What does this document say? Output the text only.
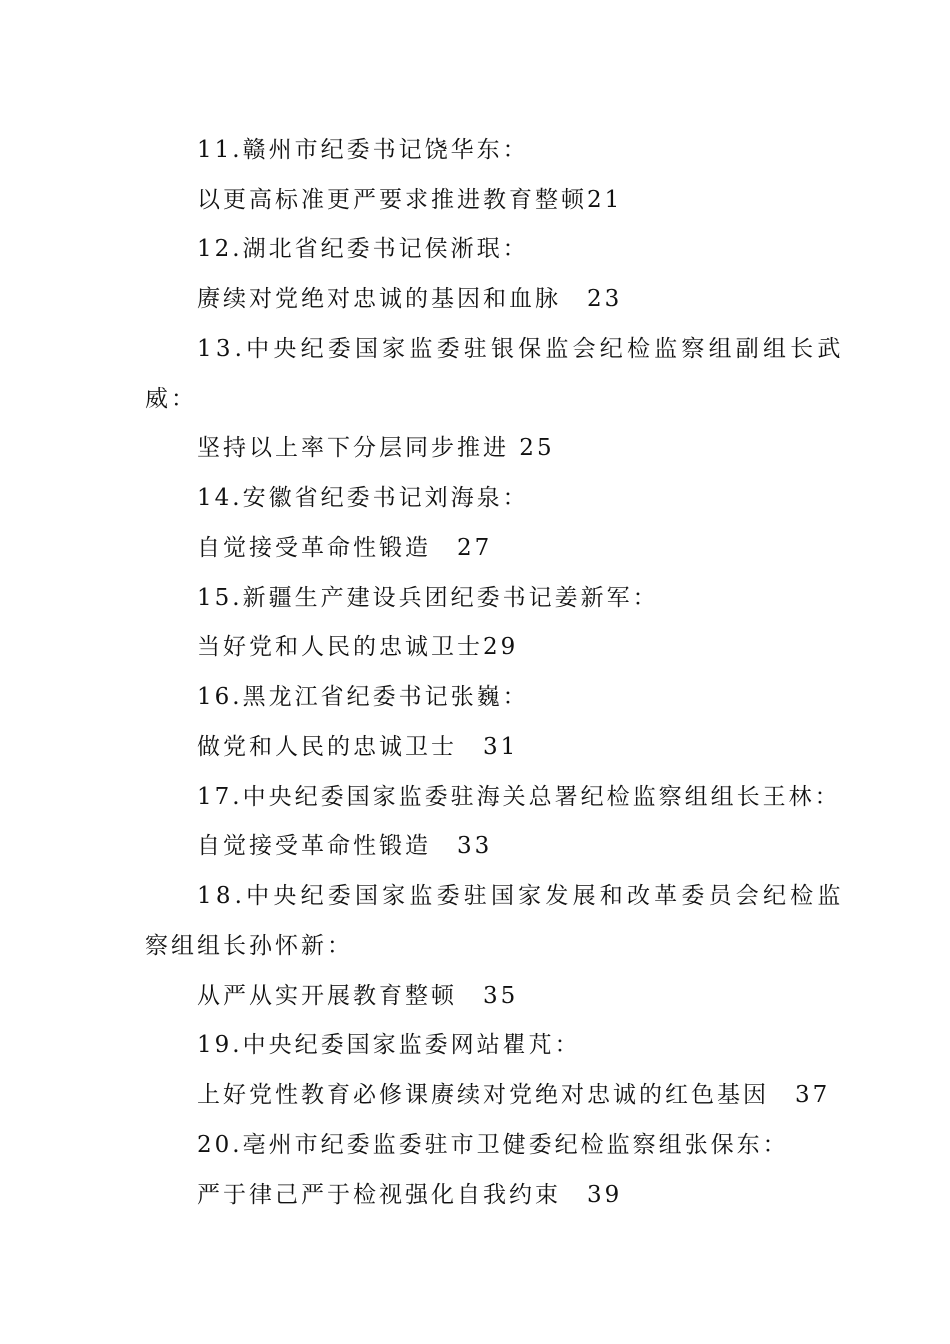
11.赣州市纪委书记饶华东：
以更高标准更严要求推进教育整顿21
12.湖北省纪委书记侯淅珉：
赓续对党绝对忠诚的基因和血脉　23
13.中央纪委国家监委驻银保监会纪检监察组副组长武
威：
坚持以上率下分层同步推进 25
14.安徽省纪委书记刘海泉：
自觉接受革命性锻造　27
15.新疆生产建设兵团纪委书记姜新军：
当好党和人民的忠诚卫士29
16.黑龙江省纪委书记张巍：
做党和人民的忠诚卫士　31
17.中央纪委国家监委驻海关总署纪检监察组组长王林：
自觉接受革命性锻造　33
18.中央纪委国家监委驻国家发展和改革委员会纪检监
察组组长孙怀新：
从严从实开展教育整顿　35
19.中央纪委国家监委网站瞿芃：
上好党性教育必修课赓续对党绝对忠诚的红色基因　37
20.亳州市纪委监委驻市卫健委纪检监察组张保东：
严于律己严于检视强化自我约束　39
